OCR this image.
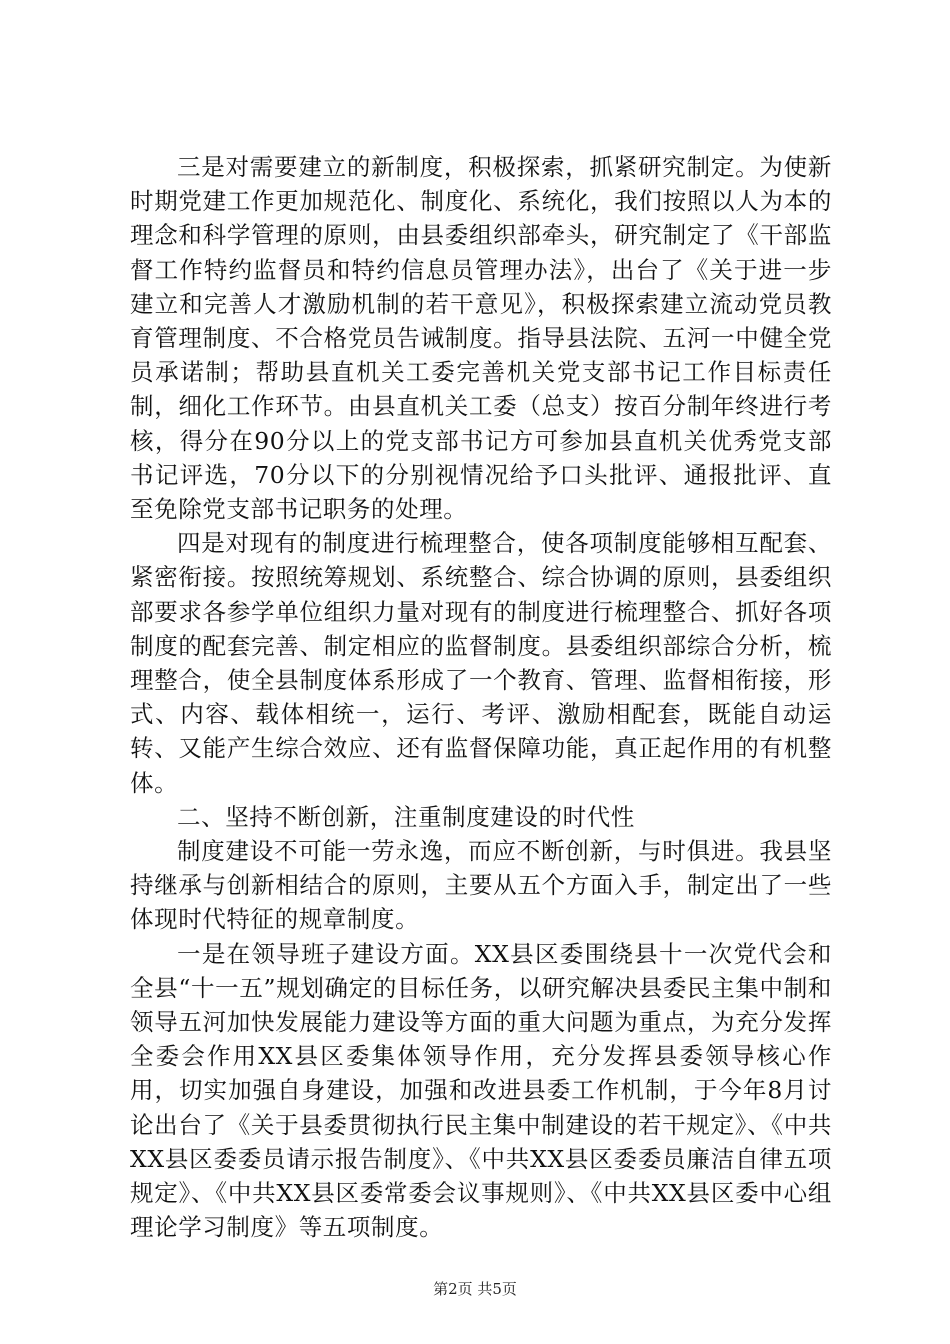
三是对需要建立的新制度，积极探索，抓紧研究制定。为使新时期党建工作更加规范化、制度化、系统化，我们按照以人为本的理念和科学管理的原则，由县委组织部牵头，研究制定了《干部监督工作特约监督员和特约信息员管理办法》，出台了《关于进一步建立和完善人才激励机制的若干意见》，积极探索建立流动党员教育管理制度、不合格党员告诫制度。指导县法院、五河一中健全党员承诺制；帮助县直机关工委完善机关党支部书记工作目标责任制，细化工作环节。由县直机关工委（总支）按百分制年终进行考核，得分在90分以上的党支部书记方可参加县直机关优秀党支部书记评选，70分以下的分别视情况给予口头批评、通报批评、直至免除党支部书记职务的处理。

四是对现有的制度进行梳理整合，使各项制度能够相互配套、紧密衔接。按照统筹规划、系统整合、综合协调的原则，县委组织部要求各参学单位组织力量对现有的制度进行梳理整合、抓好各项制度的配套完善、制定相应的监督制度。县委组织部综合分析，梳理整合，使全县制度体系形成了一个教育、管理、监督相衔接，形式、内容、载体相统一，运行、考评、激励相配套，既能自动运转、又能产生综合效应、还有监督保障功能，真正起作用的有机整体。

二、坚持不断创新，注重制度建设的时代性

制度建设不可能一劳永逸，而应不断创新，与时俱进。我县坚持继承与创新相结合的原则，主要从五个方面入手，制定出了一些体现时代特征的规章制度。

一是在领导班子建设方面。XX县区委围绕县十一次党代会和全县“十一五”规划确定的目标任务，以研究解决县委民主集中制和领导五河加快发展能力建设等方面的重大问题为重点，为充分发挥全委会作用XX县区委集体领导作用，充分发挥县委领导核心作用，切实加强自身建设，加强和改进县委工作机制，于今年8月讨论出台了《关于县委贯彻执行民主集中制建设的若干规定》、《中共XX县区委委员请示报告制度》、《中共XX县区委委员廉洁自律五项规定》、《中共XX县区委常委会议事规则》、《中共XX县区委中心组理论学习制度》等五项制度。

第2页 共5页
